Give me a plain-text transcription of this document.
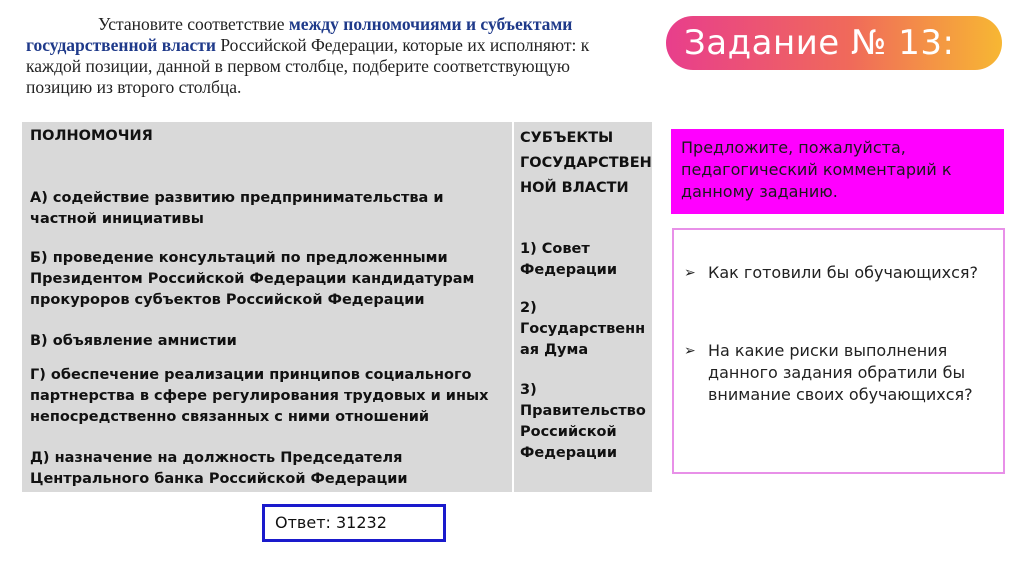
Установите соответствие между полномочиями и субъектами государственной власти Российской Федерации, которые их исполняют: к каждой позиции, данной в первом столбце, подберите соответствующую позицию из второго столбца.
Задание № 13:
ПОЛНОМОЧИЯ
А) содействие развитию предпринимательства и частной инициативы
Б) проведение консультаций по предложенными Президентом Российской Федерации кандидатурам прокуроров субъектов Российской Федерации
В) объявление амнистии
Г) обеспечение реализации принципов социального партнерства в сфере регулирования трудовых и иных непосредственно связанных с ними отношений
Д) назначение на должность Председателя Центрального банка Российской Федерации
СУБЪЕКТЫ ГОСУДАРСТВЕН НОЙ ВЛАСТИ
1) Совет Федерации
2) Государственн ая Дума
3) Правительство Российской Федерации
Предложите, пожалуйста, педагогический комментарий к данному заданию.
➢ Как готовили бы обучающихся?
➢ На какие риски выполнения данного задания обратили бы внимание своих обучающихся?
Ответ: 31232
